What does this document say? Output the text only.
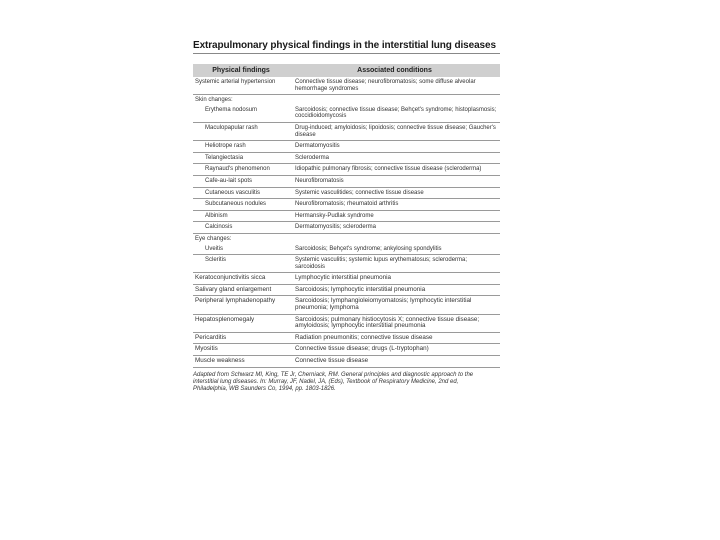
Extrapulmonary physical findings in the interstitial lung diseases
Physical findings	Associated conditions
Systemic arterial hypertension	Connective tissue disease; neurofibromatosis; some diffuse alveolar hemorrhage syndromes
Skin changes:	
Erythema nodosum	Sarcoidosis; connective tissue disease; Behçet's syndrome; histoplasmosis; coccidioidomycosis
Maculopapular rash	Drug-induced; amyloidosis; lipoidosis; connective tissue disease; Gaucher's disease
Heliotrope rash	Dermatomyositis
Telangiectasia	Scleroderma
Raynaud's phenomenon	Idiopathic pulmonary fibrosis; connective tissue disease (scleroderma)
Cafe-au-lait spots	Neurofibromatosis
Cutaneous vasculitis	Systemic vasculitides; connective tissue disease
Subcutaneous nodules	Neurofibromatosis; rheumatoid arthritis
Albinism	Hermansky-Pudlak syndrome
Calcinosis	Dermatomyositis; scleroderma
Eye changes:	
Uveitis	Sarcoidosis; Behçet's syndrome; ankylosing spondylitis
Scleritis	Systemic vasculitis; systemic lupus erythematosus; scleroderma; sarcoidosis
Keratoconjunctivitis sicca	Lymphocytic interstitial pneumonia
Salivary gland enlargement	Sarcoidosis; lymphocytic interstitial pneumonia
Peripheral lymphadenopathy	Sarcoidosis; lymphangioleiomyomatosis; lymphocytic interstitial pneumonia; lymphoma
Hepatosplenomegaly	Sarcoidosis; pulmonary histiocytosis X; connective tissue disease; amyloidosis; lymphocytic interstitial pneumonia
Pericarditis	Radiation pneumonitis; connective tissue disease
Myositis	Connective tissue disease; drugs (L-tryptophan)
Muscle weakness	Connective tissue disease
Adapted from Schwarz MI, King, TE Jr, Cherniack, RM. General principles and diagnostic approach to the interstitial lung diseases. In: Murray, JF, Nadel, JA, (Eds), Textbook of Respiratory Medicine, 2nd ed, Philadelphia, WB Saunders Co, 1994, pp. 1803-1826.
